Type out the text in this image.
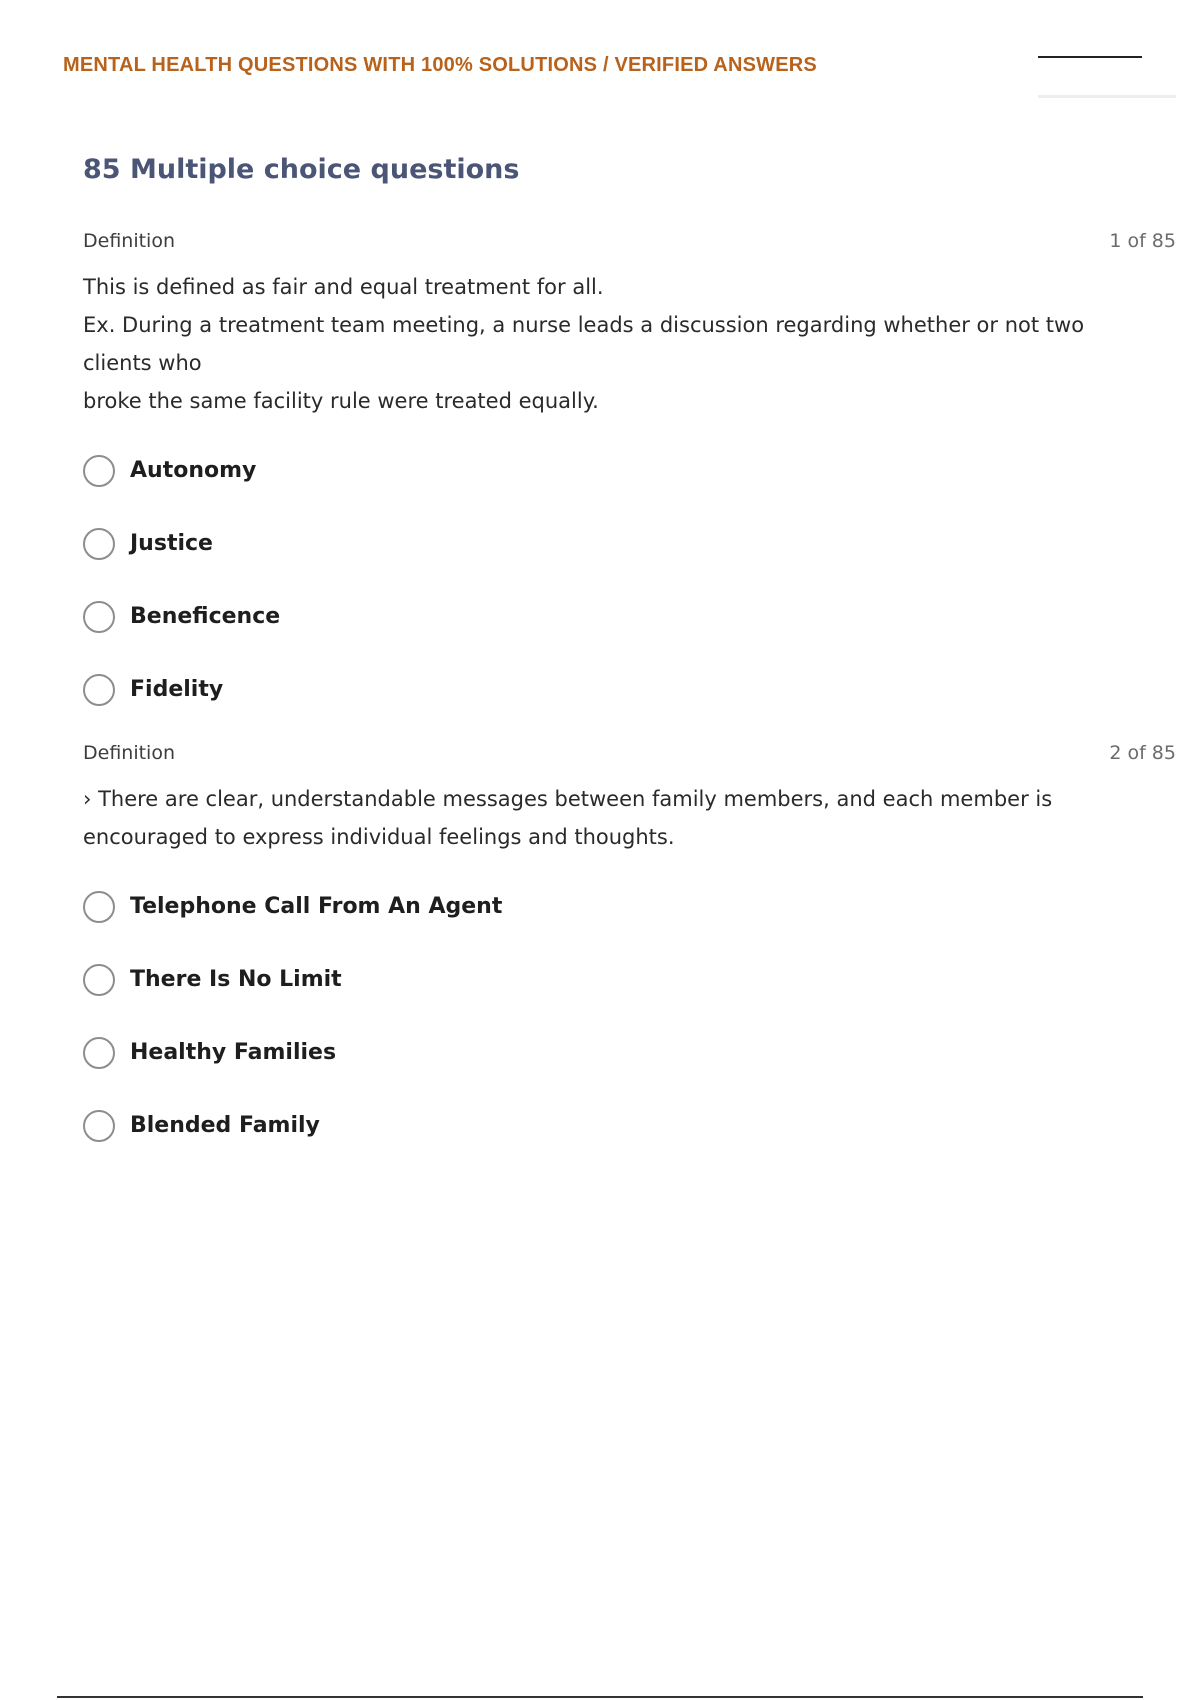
MENTAL HEALTH QUESTIONS WITH 100% SOLUTIONS / VERIFIED ANSWERS
85 Multiple choice questions
Definition	1 of 85
This is defined as fair and equal treatment for all.
Ex. During a treatment team meeting, a nurse leads a discussion regarding whether or not two clients who
broke the same facility rule were treated equally.
Autonomy
Justice
Beneficence
Fidelity
Definition	2 of 85
› There are clear, understandable messages between family members, and each member is encouraged to express individual feelings and thoughts.
Telephone Call From An Agent
There Is No Limit
Healthy Families
Blended Family
